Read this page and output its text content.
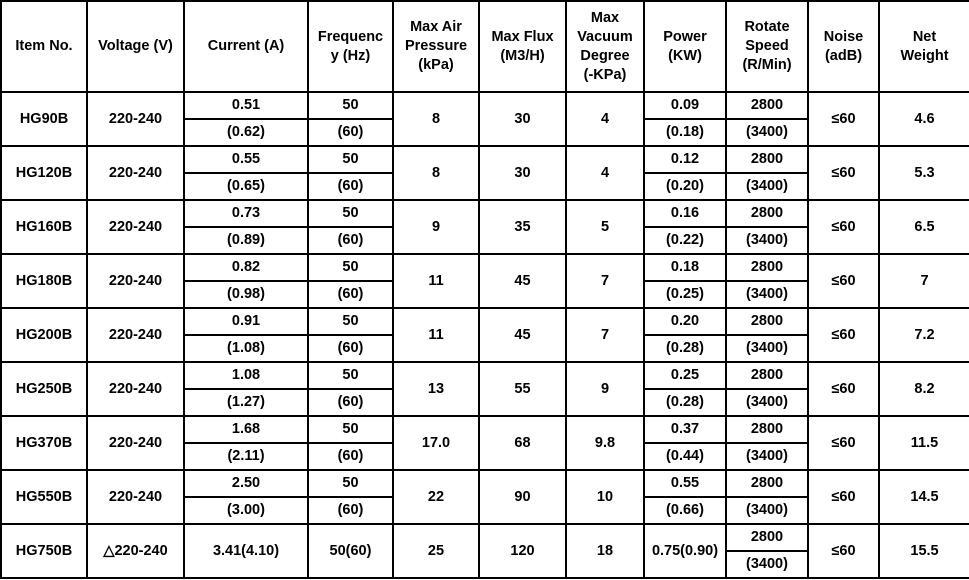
Item No.	Voltage (V)	Current (A)	Frequenc
y (Hz)	Max Air
Pressure
(kPa)	Max Flux
(M3/H)	Max
Vacuum
Degree
(-KPa)	Power
(KW)	Rotate
Speed
(R/Min)	Noise
(adB)	Net
Weight
HG90B	220-240	0.51	50	8	30	4	0.09	2800	≤60	4.6
		(0.62)	(60)				(0.18)	(3400)		
HG120B	220-240	0.55	50	8	30	4	0.12	2800	≤60	5.3
		(0.65)	(60)				(0.20)	(3400)		
HG160B	220-240	0.73	50	9	35	5	0.16	2800	≤60	6.5
		(0.89)	(60)				(0.22)	(3400)		
HG180B	220-240	0.82	50	11	45	7	0.18	2800	≤60	7
		(0.98)	(60)				(0.25)	(3400)		
HG200B	220-240	0.91	50	11	45	7	0.20	2800	≤60	7.2
		(1.08)	(60)				(0.28)	(3400)		
HG250B	220-240	1.08	50	13	55	9	0.25	2800	≤60	8.2
		(1.27)	(60)				(0.28)	(3400)		
HG370B	220-240	1.68	50	17.0	68	9.8	0.37	2800	≤60	11.5
		(2.11)	(60)				(0.44)	(3400)		
HG550B	220-240	2.50	50	22	90	10	0.55	2800	≤60	14.5
		(3.00)	(60)				(0.66)	(3400)		
HG750B	△220-240	3.41(4.10)	50(60)	25	120	18	0.75(0.90)	2800	≤60	15.5
								(3400)		
